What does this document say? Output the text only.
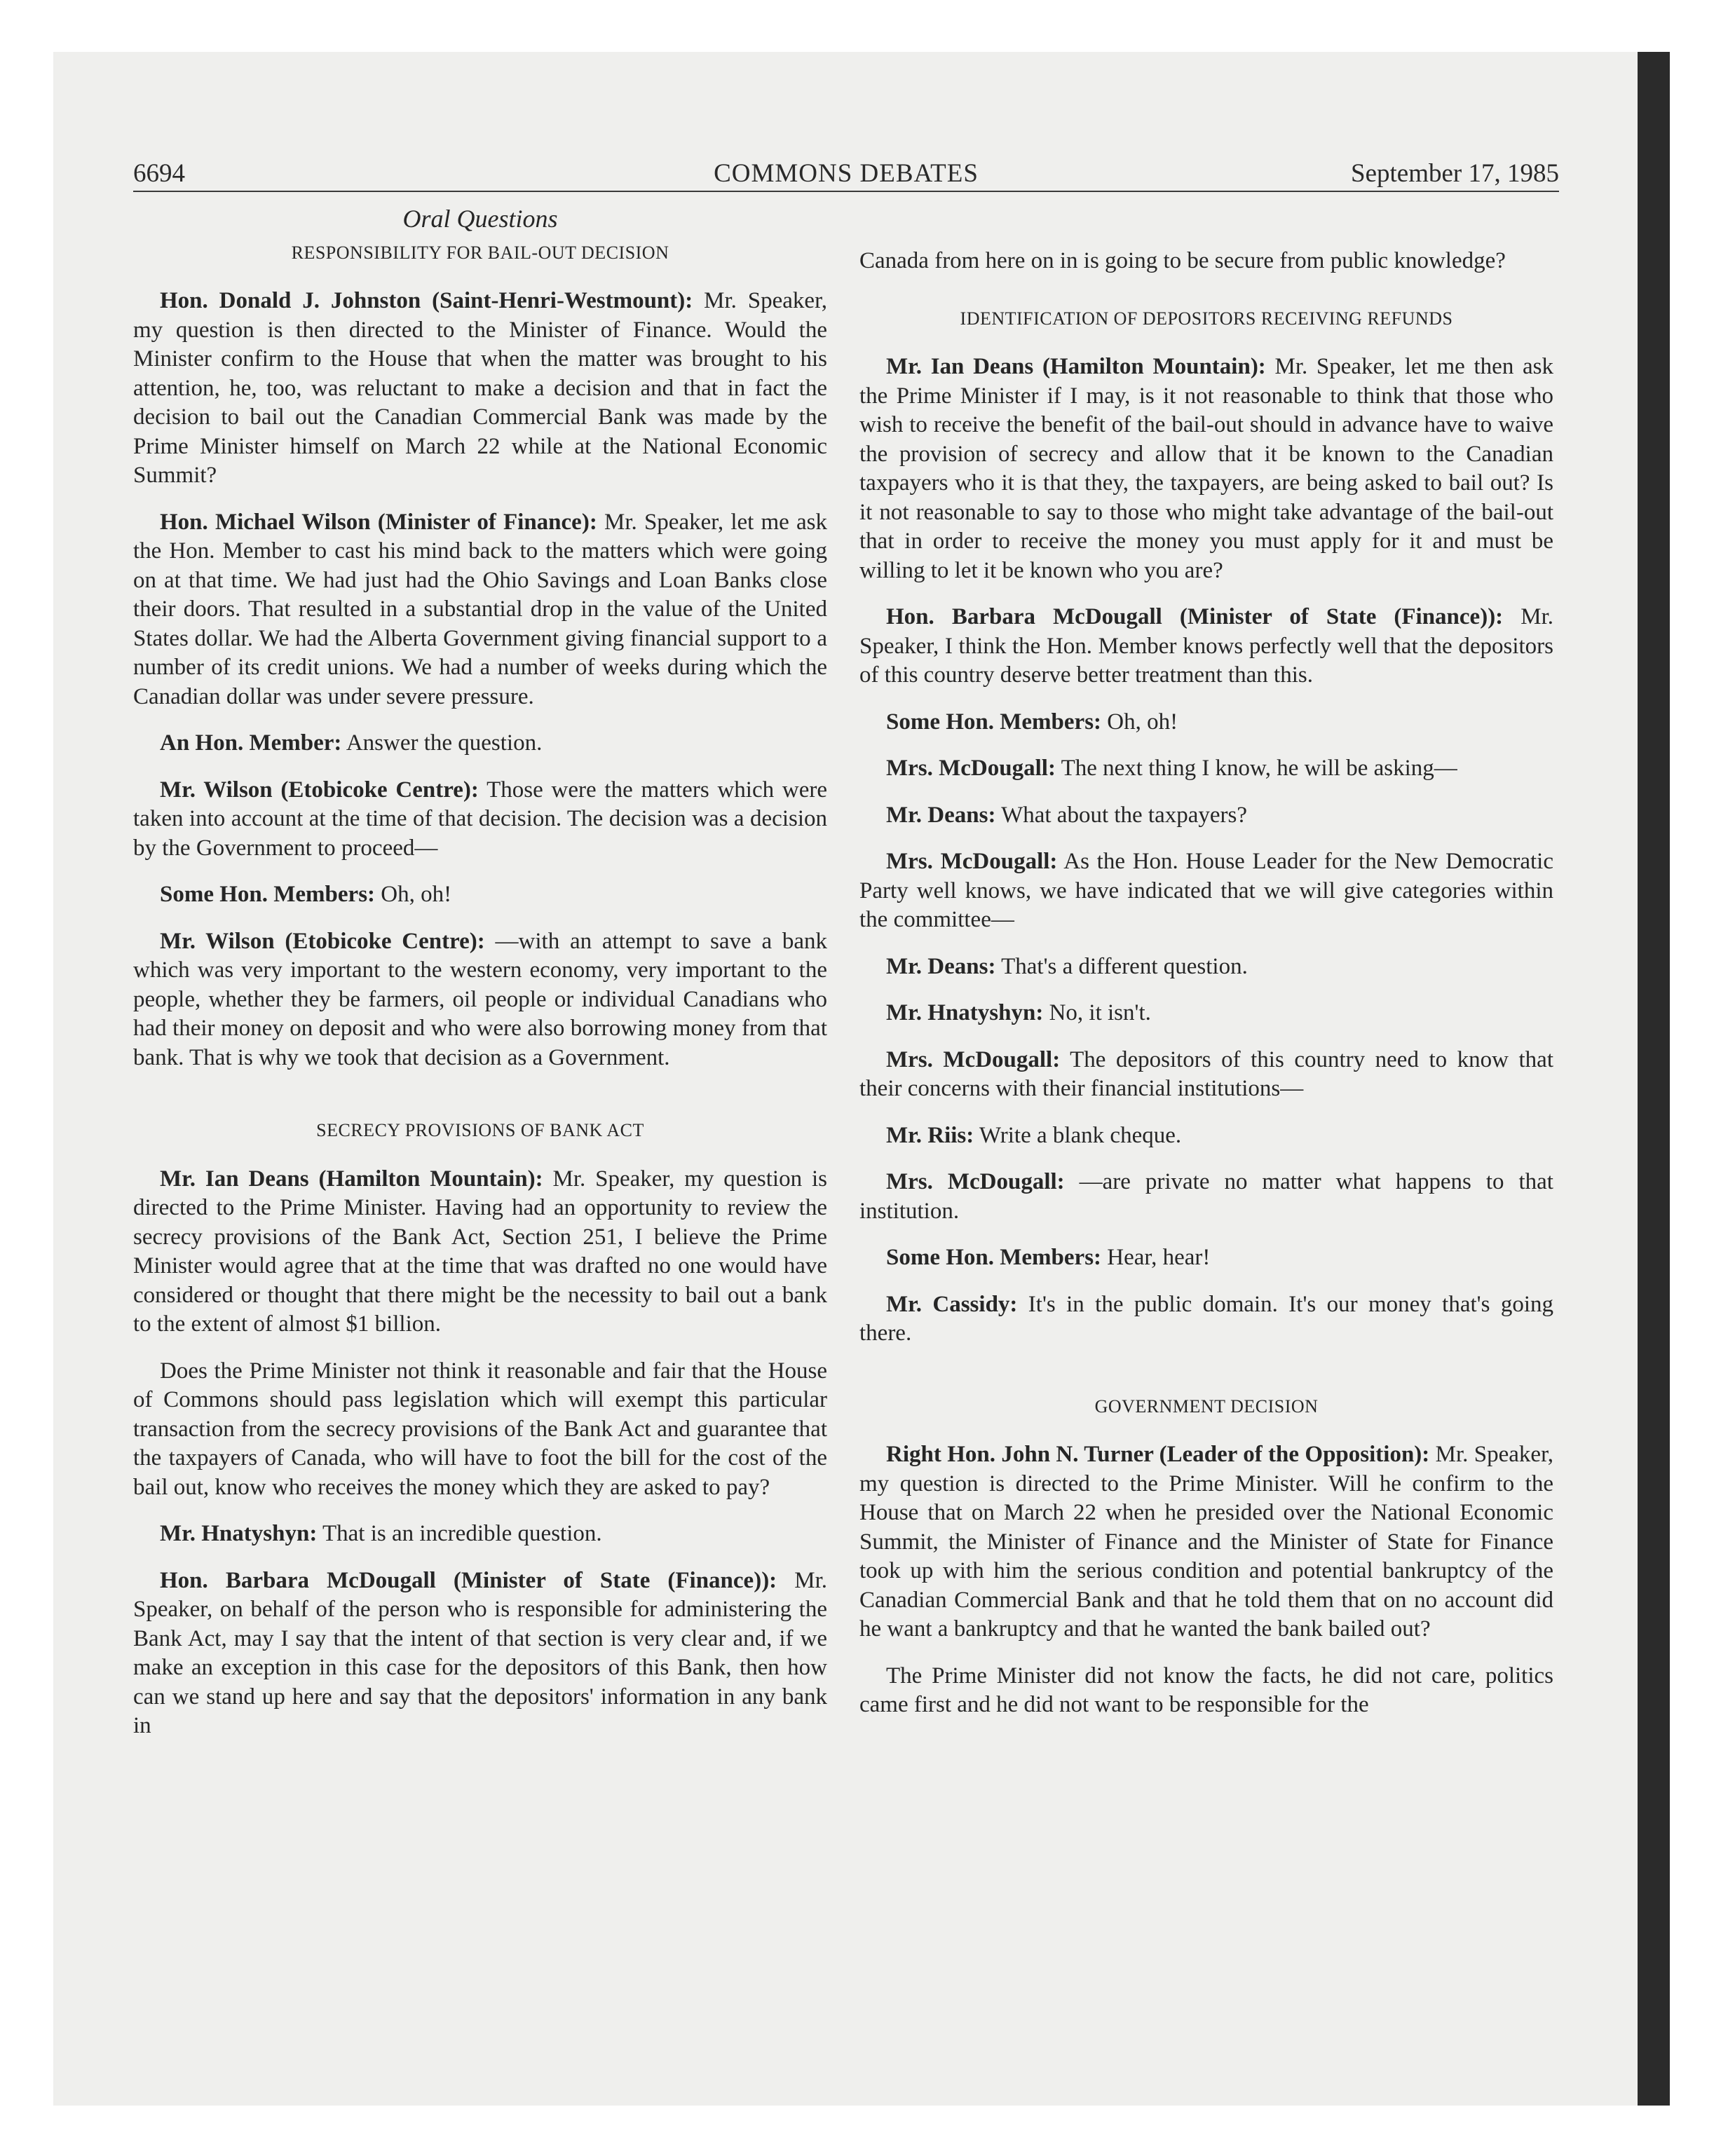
6694	COMMONS DEBATES	September 17, 1985
Oral Questions
RESPONSIBILITY FOR BAIL-OUT DECISION

Hon. Donald J. Johnston (Saint-Henri-Westmount): Mr. Speaker, my question is then directed to the Minister of Finance. Would the Minister confirm to the House that when the matter was brought to his attention, he, too, was reluctant to make a decision and that in fact the decision to bail out the Canadian Commercial Bank was made by the Prime Minister himself on March 22 while at the National Economic Summit?

Hon. Michael Wilson (Minister of Finance): Mr. Speaker, let me ask the Hon. Member to cast his mind back to the matters which were going on at that time. We had just had the Ohio Savings and Loan Banks close their doors. That resulted in a substantial drop in the value of the United States dollar. We had the Alberta Government giving financial support to a number of its credit unions. We had a number of weeks during which the Canadian dollar was under severe pressure.

An Hon. Member: Answer the question.

Mr. Wilson (Etobicoke Centre): Those were the matters which were taken into account at the time of that decision. The decision was a decision by the Government to proceed—

Some Hon. Members: Oh, oh!

Mr. Wilson (Etobicoke Centre): —with an attempt to save a bank which was very important to the western economy, very important to the people, whether they be farmers, oil people or individual Canadians who had their money on deposit and who were also borrowing money from that bank. That is why we took that decision as a Government.

SECRECY PROVISIONS OF BANK ACT

Mr. Ian Deans (Hamilton Mountain): Mr. Speaker, my question is directed to the Prime Minister. Having had an opportunity to review the secrecy provisions of the Bank Act, Section 251, I believe the Prime Minister would agree that at the time that was drafted no one would have considered or thought that there might be the necessity to bail out a bank to the extent of almost $1 billion.

Does the Prime Minister not think it reasonable and fair that the House of Commons should pass legislation which will exempt this particular transaction from the secrecy provisions of the Bank Act and guarantee that the taxpayers of Canada, who will have to foot the bill for the cost of the bail out, know who receives the money which they are asked to pay?

Mr. Hnatyshyn: That is an incredible question.

Hon. Barbara McDougall (Minister of State (Finance)): Mr. Speaker, on behalf of the person who is responsible for administering the Bank Act, may I say that the intent of that section is very clear and, if we make an exception in this case for the depositors of this Bank, then how can we stand up here and say that the depositors' information in any bank in

Canada from here on in is going to be secure from public knowledge?

IDENTIFICATION OF DEPOSITORS RECEIVING REFUNDS

Mr. Ian Deans (Hamilton Mountain): Mr. Speaker, let me then ask the Prime Minister if I may, is it not reasonable to think that those who wish to receive the benefit of the bail-out should in advance have to waive the provision of secrecy and allow that it be known to the Canadian taxpayers who it is that they, the taxpayers, are being asked to bail out? Is it not reasonable to say to those who might take advantage of the bail-out that in order to receive the money you must apply for it and must be willing to let it be known who you are?

Hon. Barbara McDougall (Minister of State (Finance)): Mr. Speaker, I think the Hon. Member knows perfectly well that the depositors of this country deserve better treatment than this.

Some Hon. Members: Oh, oh!

Mrs. McDougall: The next thing I know, he will be asking—

Mr. Deans: What about the taxpayers?

Mrs. McDougall: As the Hon. House Leader for the New Democratic Party well knows, we have indicated that we will give categories within the committee—

Mr. Deans: That's a different question.

Mr. Hnatyshyn: No, it isn't.

Mrs. McDougall: The depositors of this country need to know that their concerns with their financial institutions—

Mr. Riis: Write a blank cheque.

Mrs. McDougall: —are private no matter what happens to that institution.

Some Hon. Members: Hear, hear!

Mr. Cassidy: It's in the public domain. It's our money that's going there.

GOVERNMENT DECISION

Right Hon. John N. Turner (Leader of the Opposition): Mr. Speaker, my question is directed to the Prime Minister. Will he confirm to the House that on March 22 when he presided over the National Economic Summit, the Minister of Finance and the Minister of State for Finance took up with him the serious condition and potential bankruptcy of the Canadian Commercial Bank and that he told them that on no account did he want a bankruptcy and that he wanted the bank bailed out?

The Prime Minister did not know the facts, he did not care, politics came first and he did not want to be responsible for the
